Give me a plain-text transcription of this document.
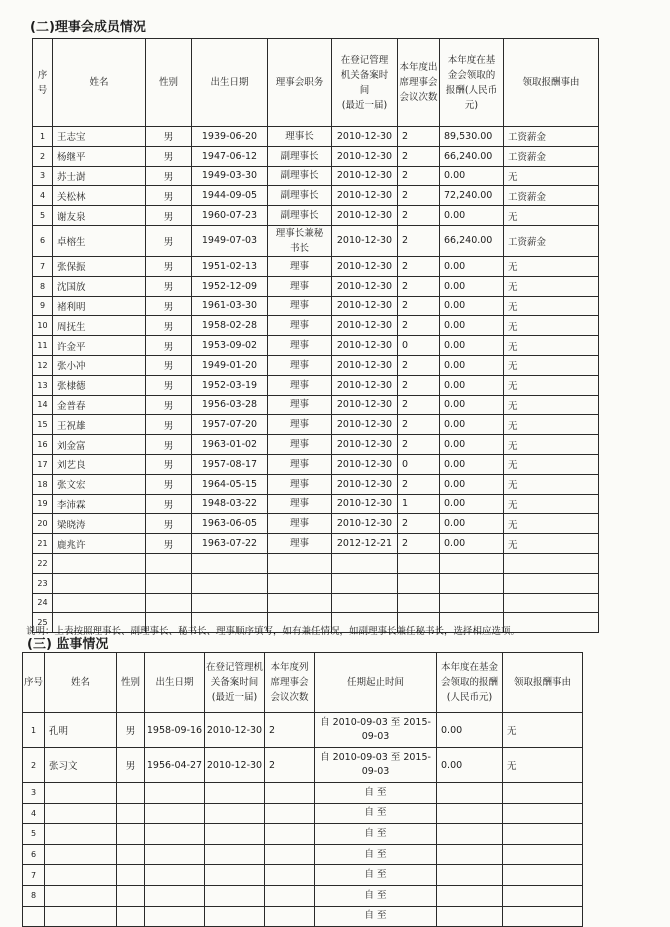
(二)理事会成员情况
序号	姓名	性别	出生日期	理事会职务	在登记管理
机关备案时
间
(最近一届)	本年度出
席理事会
会议次数	本年度在基
金会领取的
报酬(人民币
元)	领取报酬事由
1	王志宝	男	1939-06-20	理事长	2010-12-30	2	89,530.00	工资薪金
2	杨继平	男	1947-06-12	副理事长	2010-12-30	2	66,240.00	工资薪金
3	苏士澍	男	1949-03-30	副理事长	2010-12-30	2	0.00	无
4	关松林	男	1944-09-05	副理事长	2010-12-30	2	72,240.00	工资薪金
5	谢友泉	男	1960-07-23	副理事长	2010-12-30	2	0.00	无
6	卓榕生	男	1949-07-03	理事长兼秘
书长	2010-12-30	2	66,240.00	工资薪金
7	张保振	男	1951-02-13	理事	2010-12-30	2	0.00	无
8	沈国放	男	1952-12-09	理事	2010-12-30	2	0.00	无
9	褚利明	男	1961-03-30	理事	2010-12-30	2	0.00	无
10	周抚生	男	1958-02-28	理事	2010-12-30	2	0.00	无
11	许金平	男	1953-09-02	理事	2010-12-30	0	0.00	无
12	张小冲	男	1949-01-20	理事	2010-12-30	2	0.00	无
13	张棣德	男	1952-03-19	理事	2010-12-30	2	0.00	无
14	金普春	男	1956-03-28	理事	2010-12-30	2	0.00	无
15	王祝雄	男	1957-07-20	理事	2010-12-30	2	0.00	无
16	刘金富	男	1963-01-02	理事	2010-12-30	2	0.00	无
17	刘艺良	男	1957-08-17	理事	2010-12-30	0	0.00	无
18	张文宏	男	1964-05-15	理事	2010-12-30	2	0.00	无
19	李沛霖	男	1948-03-22	理事	2010-12-30	1	0.00	无
20	梁晓涛	男	1963-06-05	理事	2010-12-30	2	0.00	无
21	鹿兆许	男	1963-07-22	理事	2012-12-21	2	0.00	无
22								
23								
24								
25								
说明：上表按照理事长、副理事长、秘书长、理事顺序填写，如有兼任情况，如副理事长兼任秘书长，选择相应选项。
(三) 监事情况
序号	姓名	性别	出生日期	在登记管理机
关备案时间
(最近一届)	本年度列
席理事会
会议次数	任期起止时间	本年度在基金
会领取的报酬
(人民币元)	领取报酬事由
1	孔明	男	1958-09-16	2010-12-30	2	自 2010-09-03 至 2015-
09-03	0.00	无
2	张习文	男	1956-04-27	2010-12-30	2	自 2010-09-03 至 2015-
09-03	0.00	无
3						自 至		
4						自 至		
5						自 至		
6						自 至		
7						自 至		
8						自 至		
						自 至		
